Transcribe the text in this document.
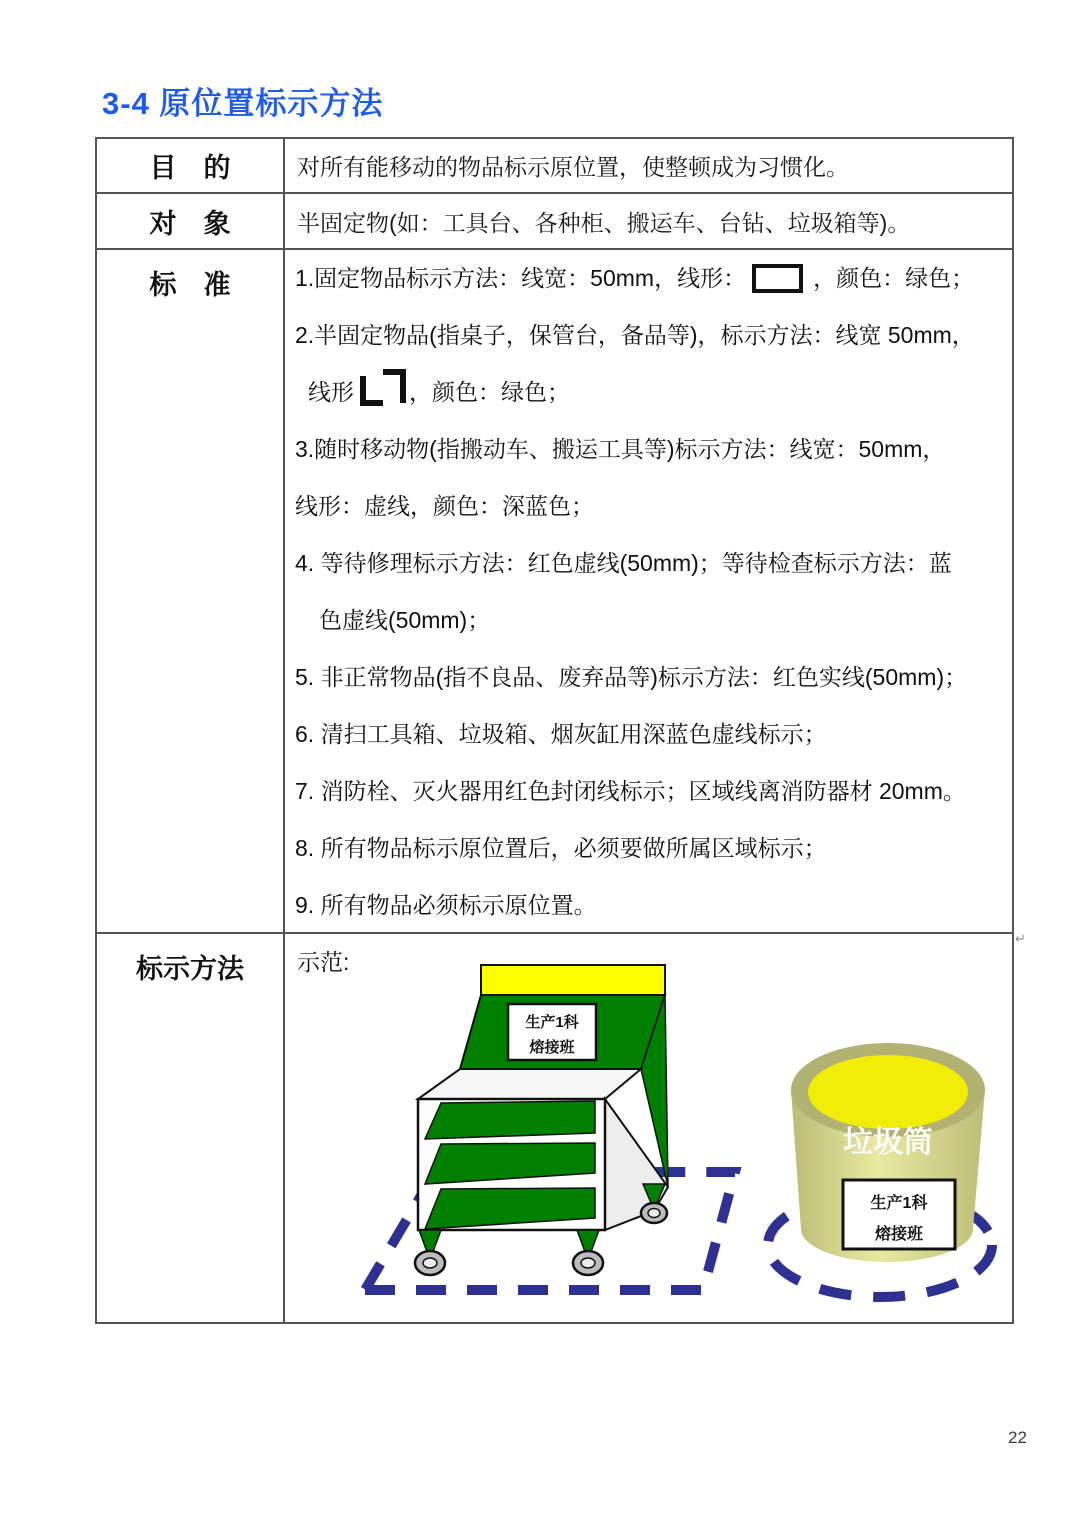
3-4 原位置标示方法
目　的	对所有能移动的物品标示原位置，使整顿成为习惯化。
对　象	半固定物(如：工具台、各种柜、搬运车、台钻、垃圾箱等)。
标　准	1.固定物品标示方法：线宽：50mm，线形：	，颜色：绿色；
2.半固定物品(指桌子，保管台，备品等)，标示方法：线宽 50mm，
线形 ，颜色：绿色；
3.随时移动物(指搬动车、搬运工具等)标示方法：线宽：50mm，
线形：虚线，颜色：深蓝色；
4. 等待修理标示方法：红色虚线(50mm)；等待检查标示方法：蓝
色虚线(50mm)；
5. 非正常物品(指不良品、废弃品等)标示方法：红色实线(50mm)；
6. 清扫工具箱、垃圾箱、烟灰缸用深蓝色虚线标示；
7. 消防栓、灭火器用红色封闭线标示；区域线离消防器材 20mm。
8. 所有物品标示原位置后，必须要做所属区域标示；
9. 所有物品必须标示原位置。
标示方法	示范:
生产1科
熔接班
垃圾筒
生产1科
熔接班
↵
22
